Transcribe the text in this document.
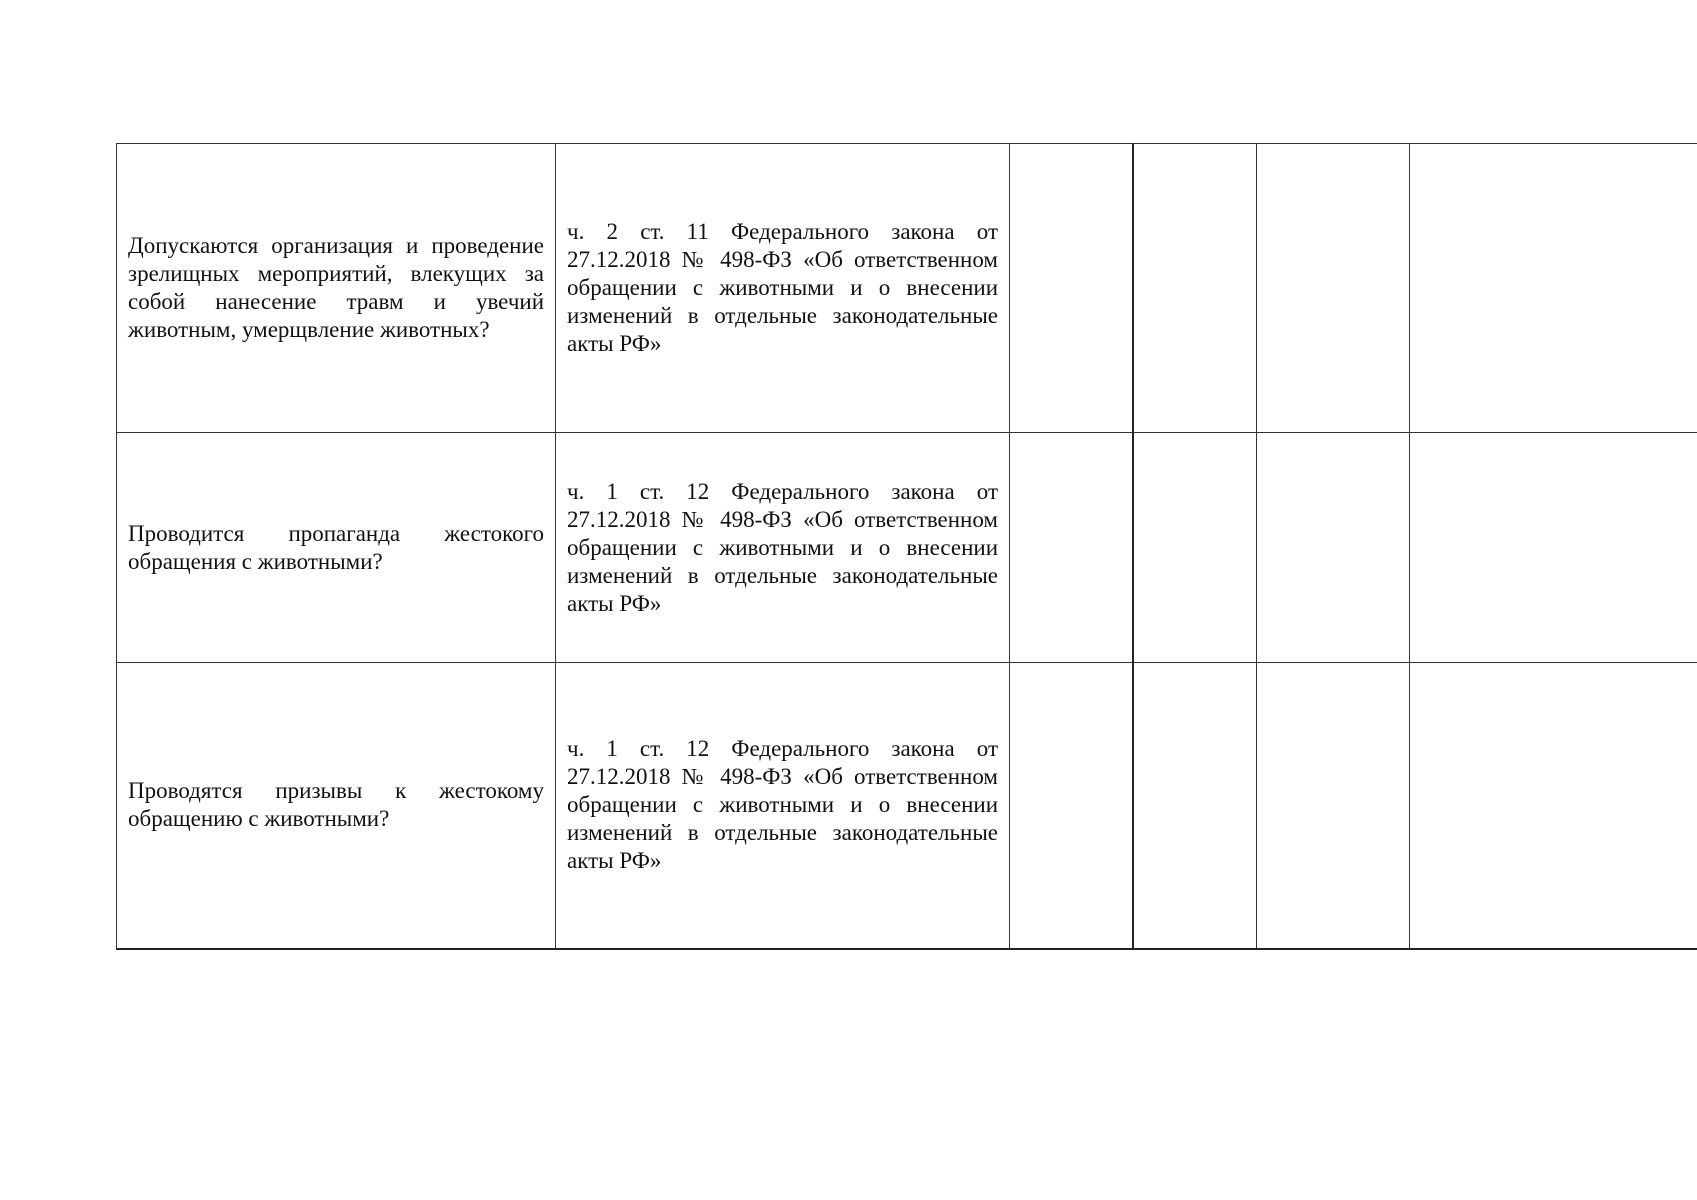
Допускаются организация и проведение зрелищных мероприятий, влекущих за собой нанесение травм и увечий животным, умерщвление животных?	ч. 2 ст. 11 Федерального закона от 27.12.2018 № 498-ФЗ «Об ответственном обращении с животными и о внесении изменений в отдельные законодательные акты РФ»				
Проводится пропаганда жестокого обращения с животными?	ч. 1 ст. 12 Федерального закона от 27.12.2018 № 498-ФЗ «Об ответственном обращении с животными и о внесении изменений в отдельные законодательные акты РФ»				
Проводятся призывы к жестокому обращению с животными?	ч. 1 ст. 12 Федерального закона от 27.12.2018 № 498-ФЗ «Об ответственном обращении с животными и о внесении изменений в отдельные законодательные акты РФ»				
